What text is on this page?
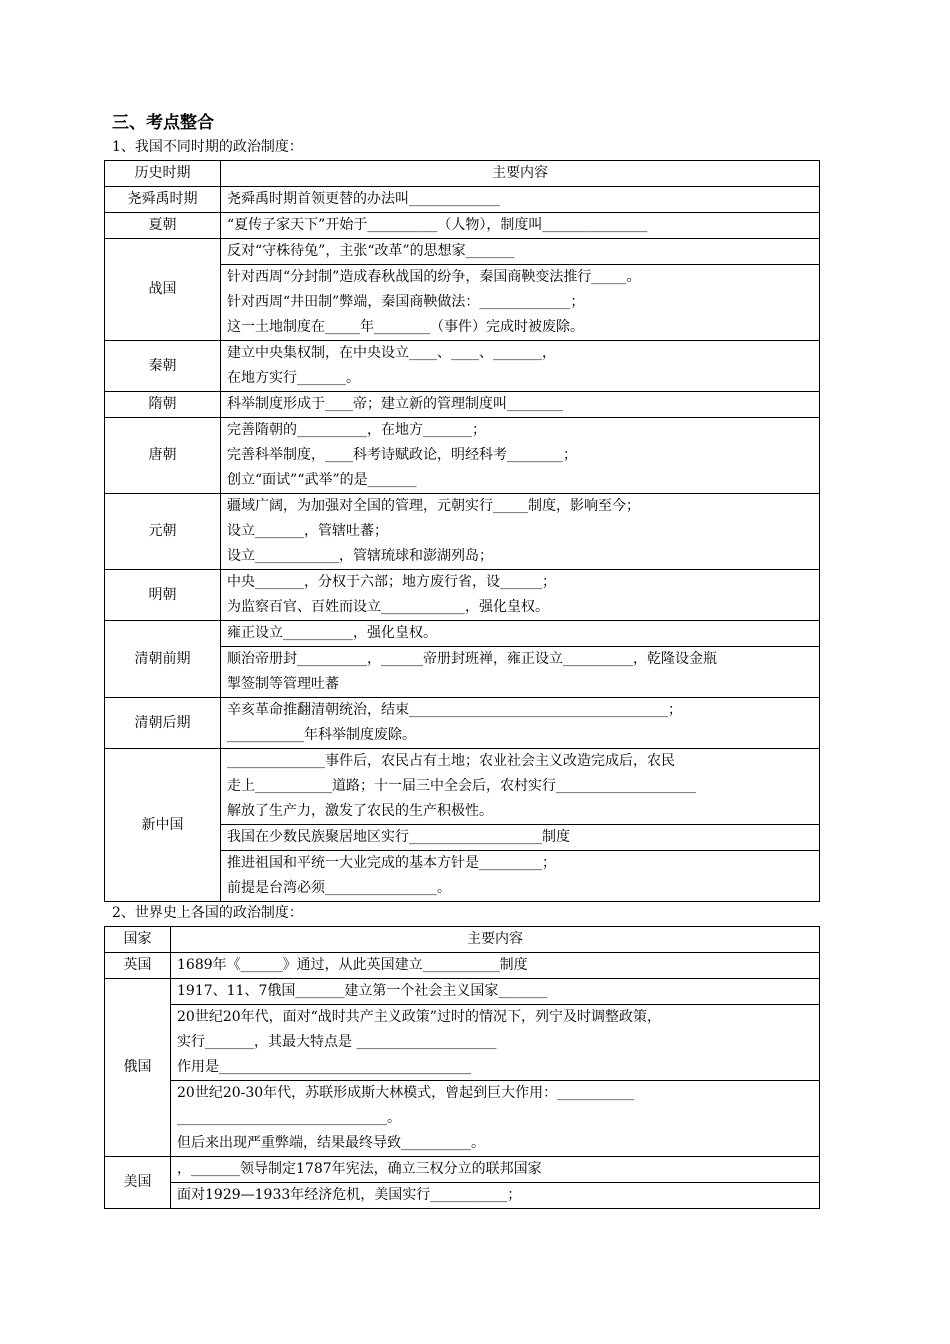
三、考点整合
1、我国不同时期的政治制度：
历史时期	主要内容
尧舜禹时期	尧舜禹时期首领更替的办法叫_____________

夏朝	“夏传子家天下”开始于__________（人物），制度叫_______________

战国	反对“守株待兔”，主张“改革”的思想家_______

	针对西周“分封制”造成春秋战国的纷争，秦国商鞅变法推行_____。
针对西周“井田制”弊端，秦国商鞅做法：_____________；
这一土地制度在_____年________（事件）完成时被废除。

秦朝	建立中央集权制，在中央设立____、____、_______，
在地方实行_______。

隋朝	科举制度形成于____帝；建立新的管理制度叫________

唐朝	完善隋朝的__________，在地方_______；
完善科举制度，____科考诗赋政论，明经科考________；
创立“面试”“武举”的是_______

元朝	疆域广阔，为加强对全国的管理，元朝实行_____制度，影响至今；
设立_______，管辖吐蕃；
设立____________，管辖琉球和澎湖列岛；

明朝	中央_______，分权于六部；地方废行省，设______；
为监察百官、百姓而设立____________，强化皇权。

清朝前期	雍正设立__________，强化皇权。

	顺治帝册封__________，______帝册封班禅，雍正设立__________，乾隆设金瓶
掣签制等管理吐蕃

清朝后期	辛亥革命推翻清朝统治，结束_____________________________________；
___________年科举制度废除。

新中国	______________事件后，农民占有土地；农业社会主义改造完成后，农民
走上___________道路；十一届三中全会后，农村实行____________________
解放了生产力，激发了农民的生产积极性。

	我国在少数民族聚居地区实行___________________制度

	推进祖国和平统一大业完成的基本方针是_________；
前提是台湾必须________________。
2、世界史上各国的政治制度：
国家	主要内容
英国	1689年《______》通过，从此英国建立___________制度

俄国	1917、11、7俄国_______建立第一个社会主义国家_______

	20世纪20年代，面对“战时共产主义政策”过时的情况下，列宁及时调整政策，
实行_______，其最大特点是 ____________________
作用是____________________________________

	20世纪20-30年代，苏联形成斯大林模式，曾起到巨大作用：___________
______________________________。
但后来出现严重弊端，结果最终导致__________。

美国	，_______领导制定1787年宪法，确立三权分立的联邦国家

	面对1929—1933年经济危机，美国实行___________；
